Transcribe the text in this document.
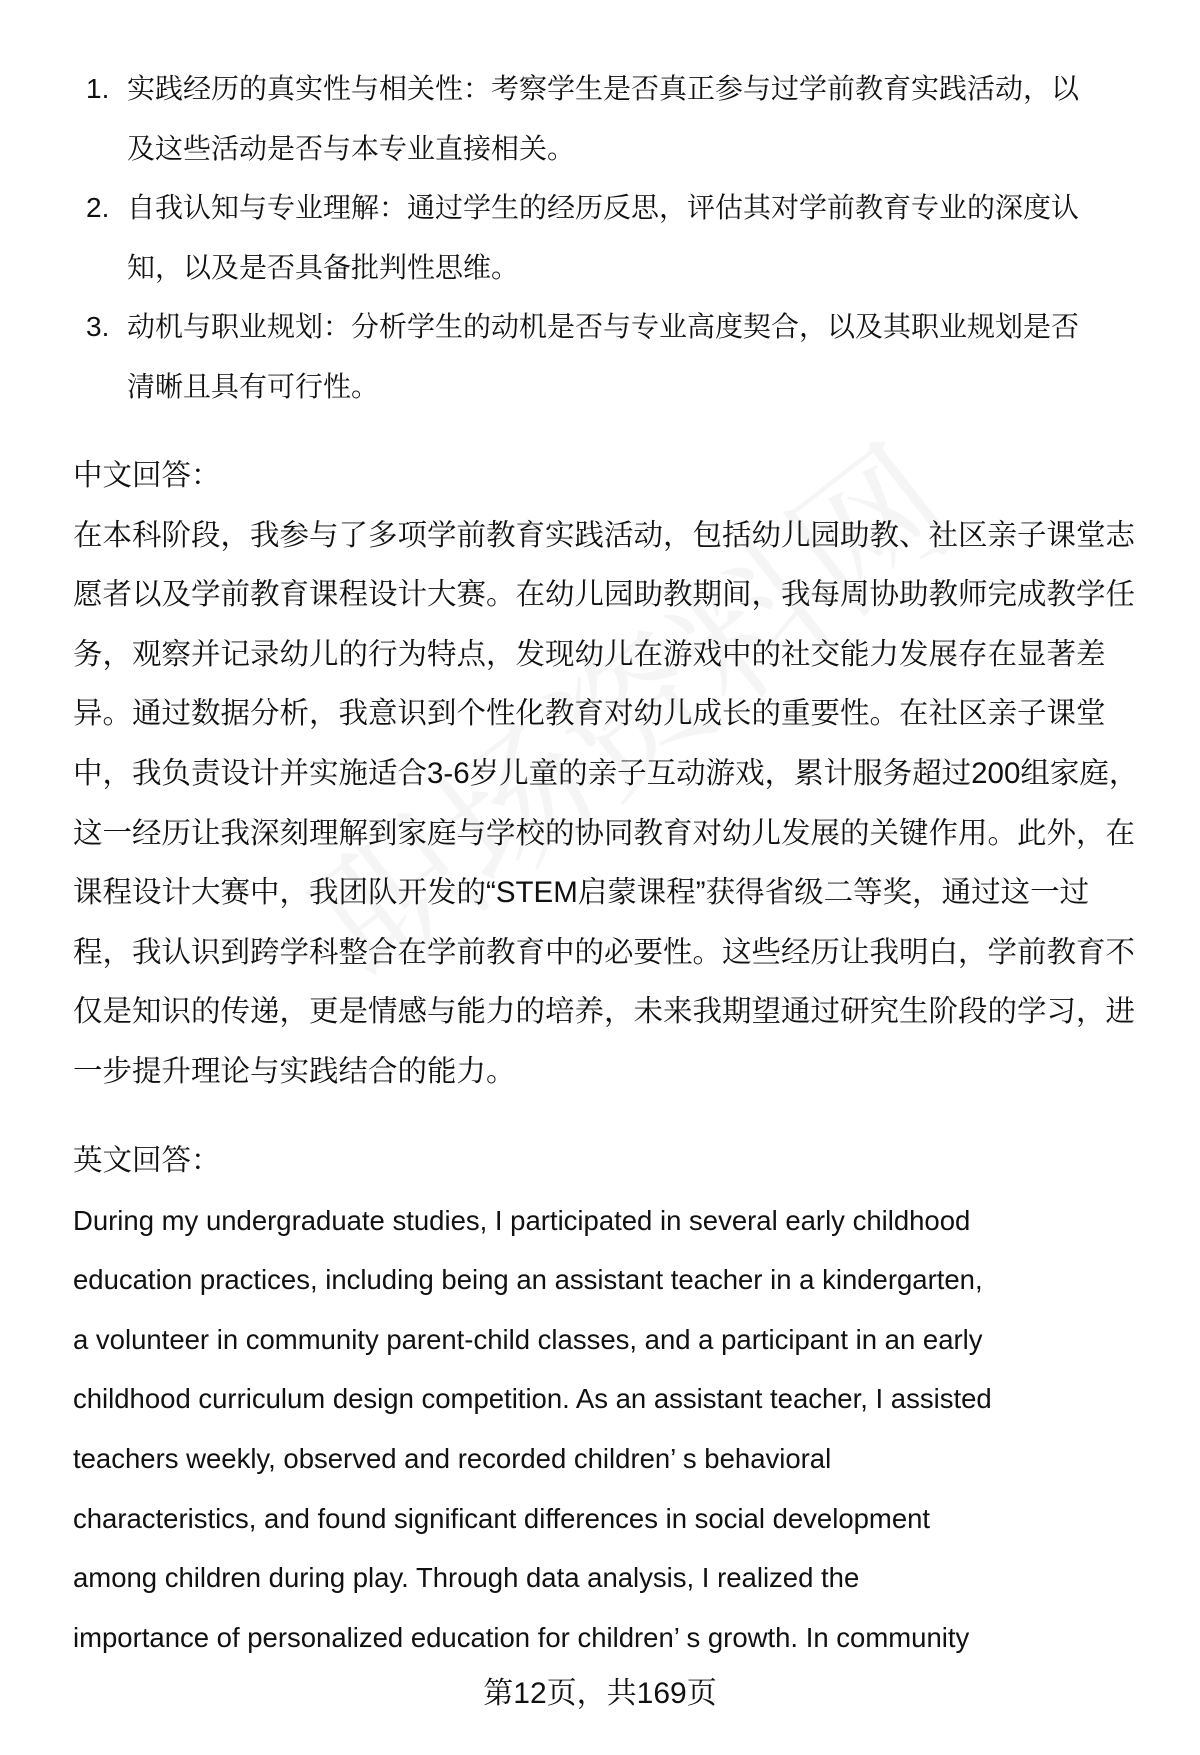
1. 实践经历的真实性与相关性：考察学生是否真正参与过学前教育实践活动，以
及这些活动是否与本专业直接相关。
2. 自我认知与专业理解：通过学生的经历反思，评估其对学前教育专业的深度认
知，以及是否具备批判性思维。
3. 动机与职业规划：分析学生的动机是否与专业高度契合，以及其职业规划是否
清晰且具有可行性。
中文回答：
在本科阶段，我参与了多项学前教育实践活动，包括幼儿园助教、社区亲子课堂志
愿者以及学前教育课程设计大赛。在幼儿园助教期间，我每周协助教师完成教学任
务，观察并记录幼儿的行为特点，发现幼儿在游戏中的社交能力发展存在显著差
异。通过数据分析，我意识到个性化教育对幼儿成长的重要性。在社区亲子课堂
中，我负责设计并实施适合3-6岁儿童的亲子互动游戏，累计服务超过200组家庭，
这一经历让我深刻理解到家庭与学校的协同教育对幼儿发展的关键作用。此外，在
课程设计大赛中，我团队开发的“STEM启蒙课程”获得省级二等奖，通过这一过
程，我认识到跨学科整合在学前教育中的必要性。这些经历让我明白，学前教育不
仅是知识的传递，更是情感与能力的培养，未来我期望通过研究生阶段的学习，进
一步提升理论与实践结合的能力。
英文回答：
During my undergraduate studies, I participated in several early childhood
education practices, including being an assistant teacher in a kindergarten,
a volunteer in community parent-child classes, and a participant in an early
childhood curriculum design competition. As an assistant teacher, I assisted
teachers weekly, observed and recorded children’ s behavioral
characteristics, and found significant differences in social development
among children during play. Through data analysis, I realized the
importance of personalized education for children’ s growth. In community
第12页，共169页
